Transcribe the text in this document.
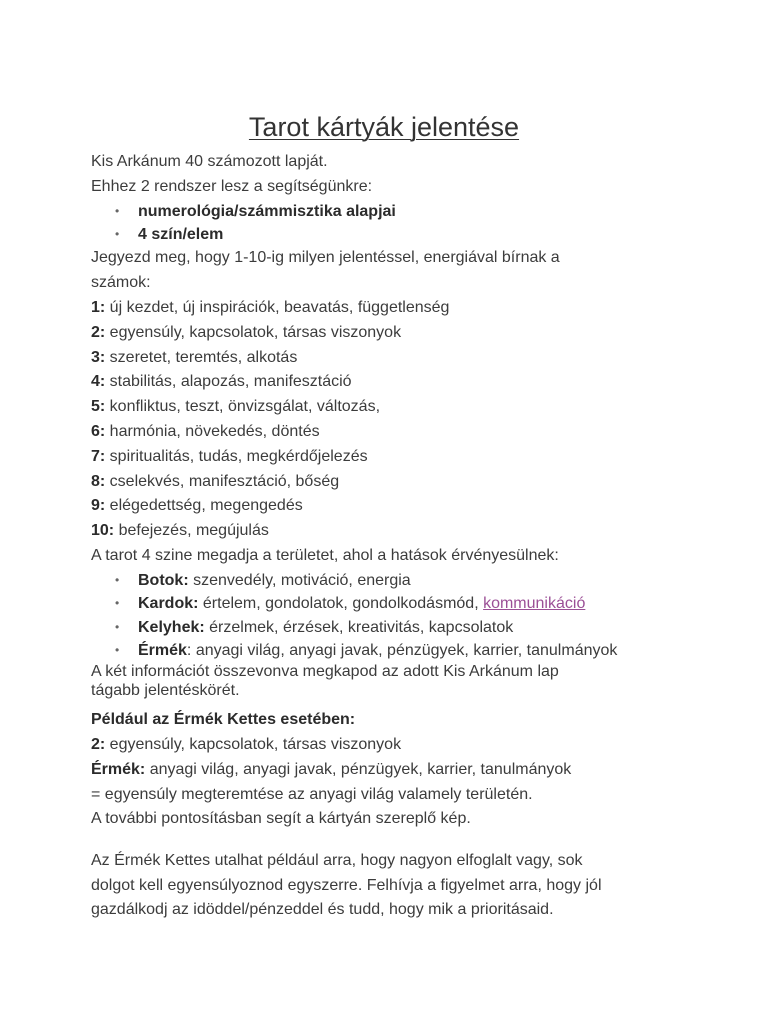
Tarot kártyák jelentése
Kis Arkánum 40 számozott lapját.
Ehhez 2 rendszer lesz a segítségünkre:
• numerológia/számmisztika alapjai
• 4 szín/elem
Jegyezd meg, hogy 1-10-ig milyen jelentéssel, energiával bírnak a
számok:
1: új kezdet, új inspirációk, beavatás, függetlenség
2: egyensúly, kapcsolatok, társas viszonyok
3: szeretet, teremtés, alkotás
4: stabilitás, alapozás, manifesztáció
5: konfliktus, teszt, önvizsgálat, változás,
6: harmónia, növekedés, döntés
7: spiritualitás, tudás, megkérdőjelezés
8: cselekvés, manifesztáció, bőség
9: elégedettség, megengedés
10: befejezés, megújulás
A tarot 4 szine megadja a területet, ahol a hatások érvényesülnek:
• Botok: szenvedély, motiváció, energia
• Kardok: értelem, gondolatok, gondolkodásmód, kommunikáció
• Kelyhek: érzelmek, érzések, kreativitás, kapcsolatok
• Érmék: anyagi világ, anyagi javak, pénzügyek, karrier, tanulmányok
A két információt összevonva megkapod az adott Kis Arkánum lap
tágabb jelentéskörét.
Például az Érmék Kettes esetében:
2: egyensúly, kapcsolatok, társas viszonyok
Érmék: anyagi világ, anyagi javak, pénzügyek, karrier, tanulmányok
= egyensúly megteremtése az anyagi világ valamely területén.
A további pontosításban segít a kártyán szereplő kép.
Az Érmék Kettes utalhat például arra, hogy nagyon elfoglalt vagy, sok
dolgot kell egyensúlyoznod egyszerre. Felhívja a figyelmet arra, hogy jól
gazdálkodj az idöddel/pénzeddel és tudd, hogy mik a prioritásaid.
